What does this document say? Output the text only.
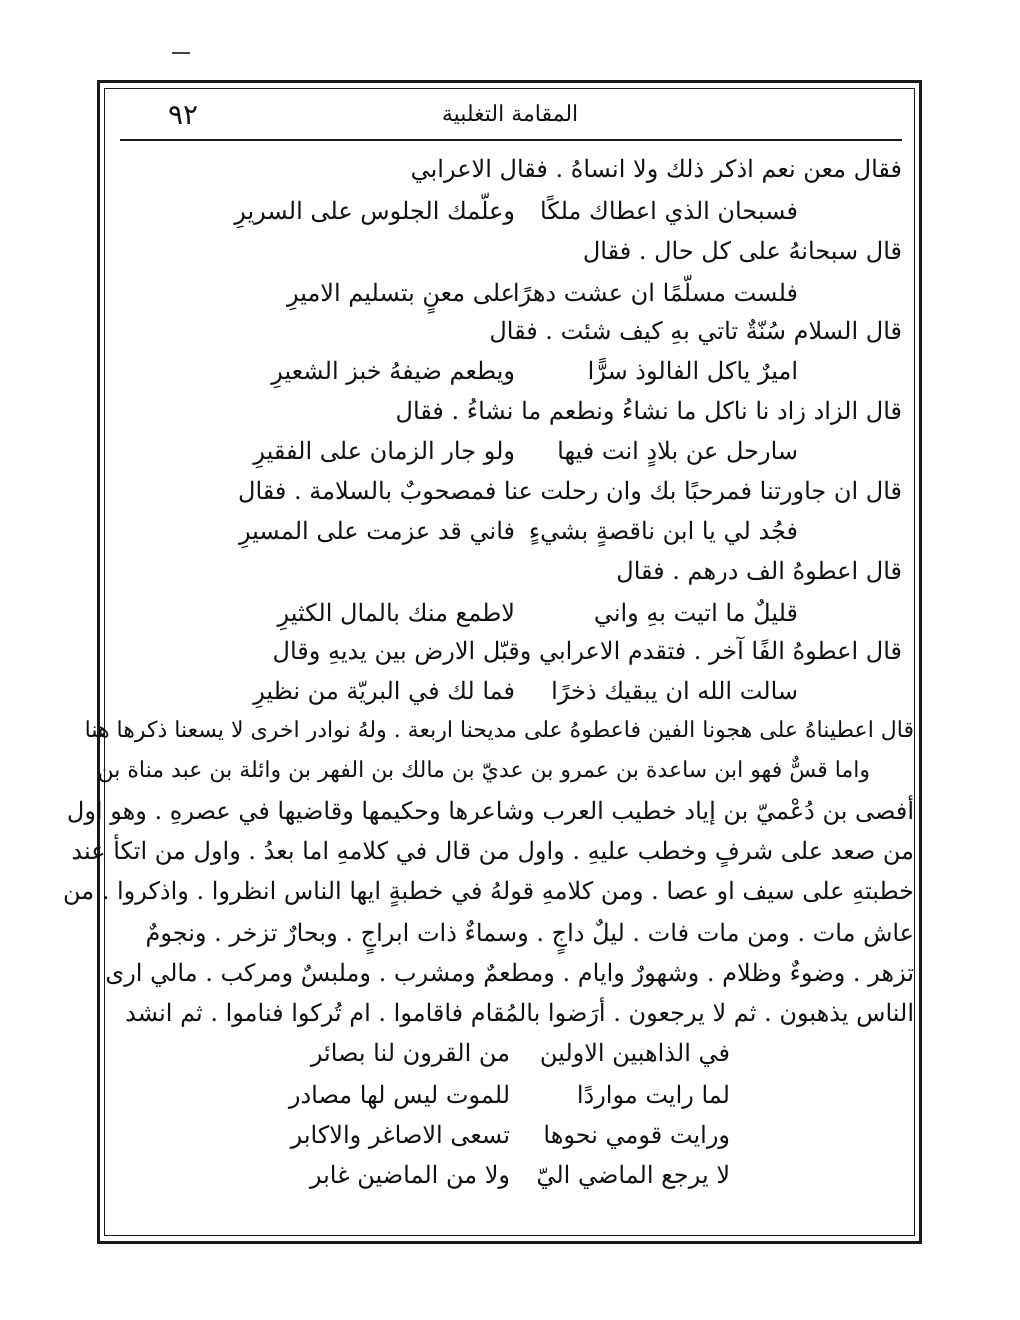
المقامة التغلبية
٩٢
فقال معن نعم اذكر ذلك ولا انساهُ . فقال الاعرابي
فسبحان الذي اعطاك ملكًا
وعلّمك الجلوس على السريرِ
قال سبحانهُ على كل حال . فقال
فلست مسلّمًا ان عشت دهرًا
على معنٍ بتسليم الاميرِ
قال السلام سُنّةٌ تاتي بهِ كيف شئت . فقال
اميرٌ ياكل الفالوذ سرًّا
ويطعم ضيفهُ خبز الشعيرِ
قال الزاد زاد نا ناكل ما نشاءُ ونطعم ما نشاءُ . فقال
سارحل عن بلادٍ انت فيها
ولو جار الزمان على الفقيرِ
قال ان جاورتنا فمرحبًا بك وان رحلت عنا فمصحوبٌ بالسلامة . فقال
فجُد لي يا ابن ناقصةٍ بشيءٍ
فاني قد عزمت على المسيرِ
قال اعطوهُ الف درهم . فقال
قليلٌ ما اتيت بهِ واني
لاطمع منك بالمال الكثيرِ
قال اعطوهُ الفًا آخر . فتقدم الاعرابي وقبّل الارض بين يديهِ وقال
سالت الله ان يبقيك ذخرًا
فما لك في البريّة من نظيرِ
قال اعطيناهُ على هجونا الفين فاعطوهُ على مديحنا اربعة . ولهُ نوادر اخرى لا يسعنا ذكرها هنا
واما قسٌّ فهو ابن ساعدة بن عمرو بن عديّ بن مالك بن الفهر بن وائلة بن عبد مناة بن
أفصى بن دُعْميّ بن إياد خطيب العرب وشاعرها وحكيمها وقاضيها في عصرهِ . وهو اول
من صعد على شرفٍ وخطب عليهِ . واول من قال في كلامهِ اما بعدُ . واول من اتكأ عند
خطبتهِ على سيف او عصا . ومن كلامهِ قولهُ في خطبةٍ ايها الناس انظروا . واذكروا . من
عاش مات . ومن مات فات . ليلٌ داجٍ . وسماءٌ ذات ابراجٍ . وبحارٌ تزخر . ونجومٌ
تزهر . وضوءٌ وظلام . وشهورٌ وايام . ومطعمٌ ومشرب . وملبسٌ ومركب . مالي ارى
الناس يذهبون . ثم لا يرجعون . أرَضوا بالمُقام فاقاموا . ام تُركوا فناموا . ثم انشد
في الذاهبين الاولين
من القرون لنا بصائر
لما رايت مواردًا
للموت ليس لها مصادر
ورايت قومي نحوها
تسعى الاصاغر والاكابر
لا يرجع الماضي اليّ
ولا من الماضين غابر
